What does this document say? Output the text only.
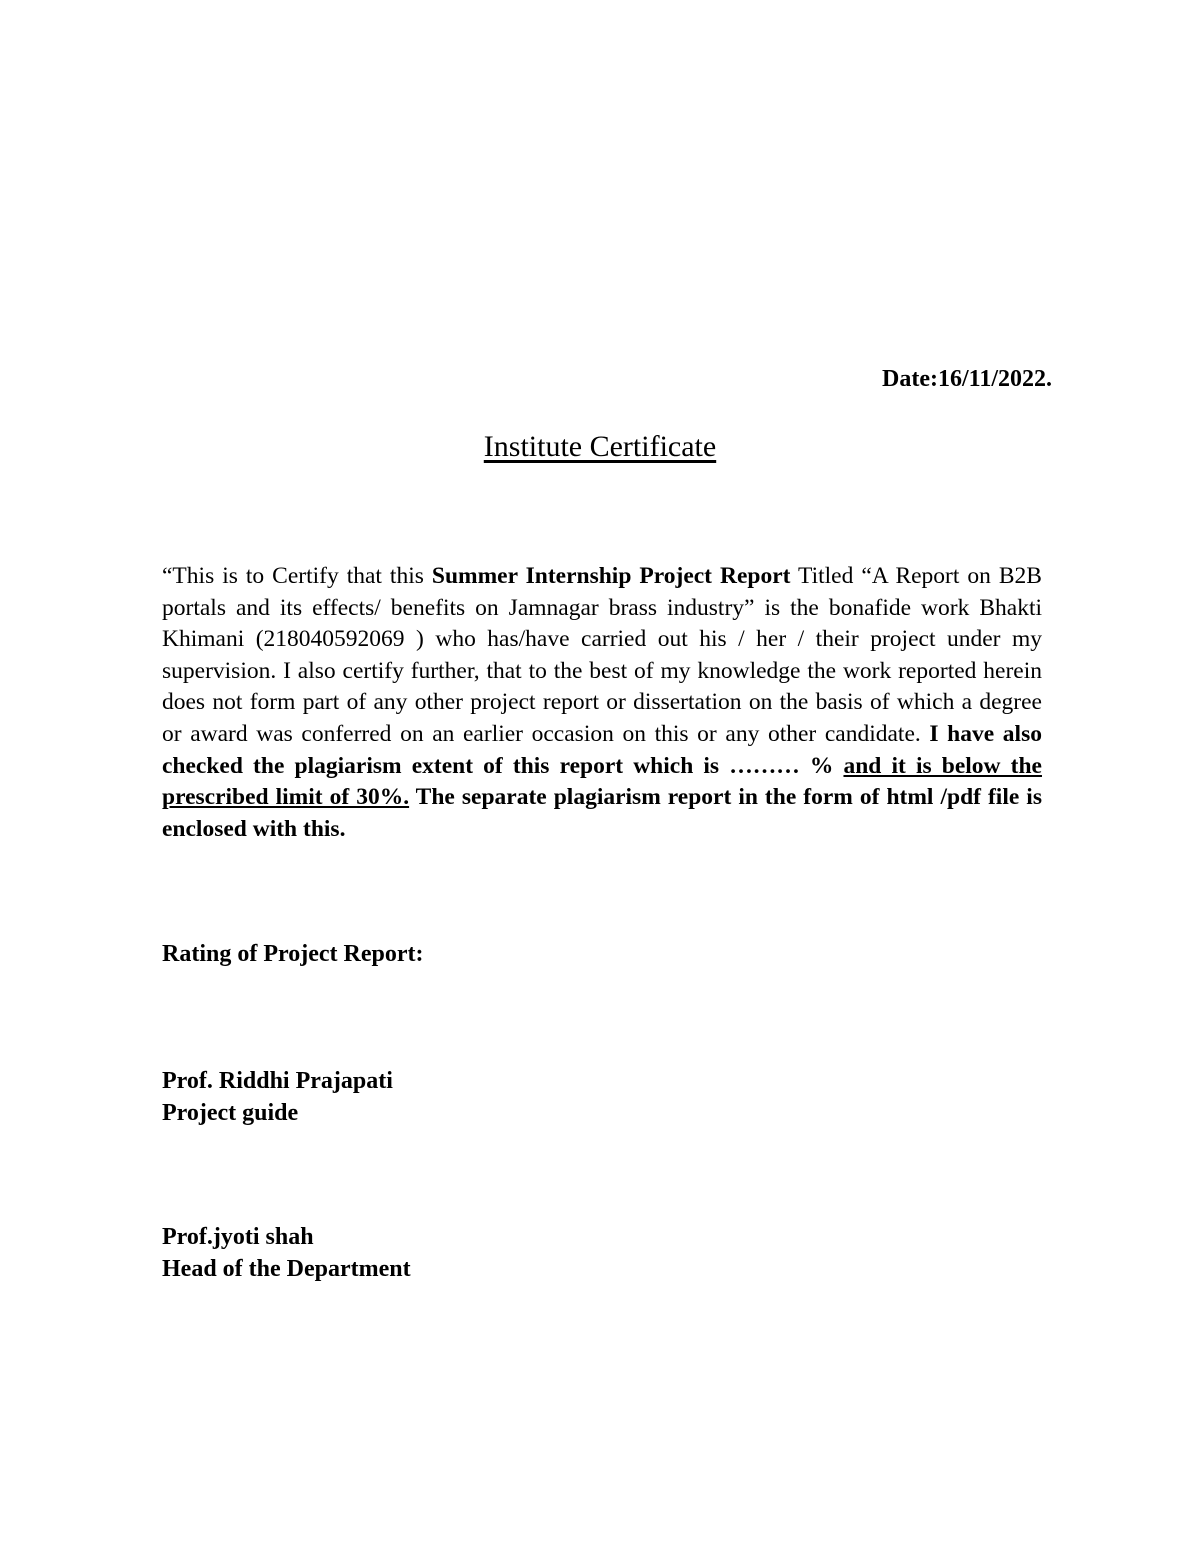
Date:16/11/2022.
Institute Certificate

“This is to Certify that this Summer Internship Project Report Titled “A Report on B2B portals and its effects/ benefits on Jamnagar brass industry” is the bonafide work Bhakti Khimani (218040592069 ) who has/have carried out his / her / their project under my supervision. I also certify further, that to the best of my knowledge the work reported herein does not form part of any other project report or dissertation on the basis of which a degree or award was conferred on an earlier occasion on this or any other candidate. I have also checked the plagiarism extent of this report which is ……… % and it is below the prescribed limit of 30%. The separate plagiarism report in the form of html /pdf file is enclosed with this.

Rating of Project Report:
Prof. Riddhi Prajapati
Project guide
Prof.jyoti shah
Head of the Department
